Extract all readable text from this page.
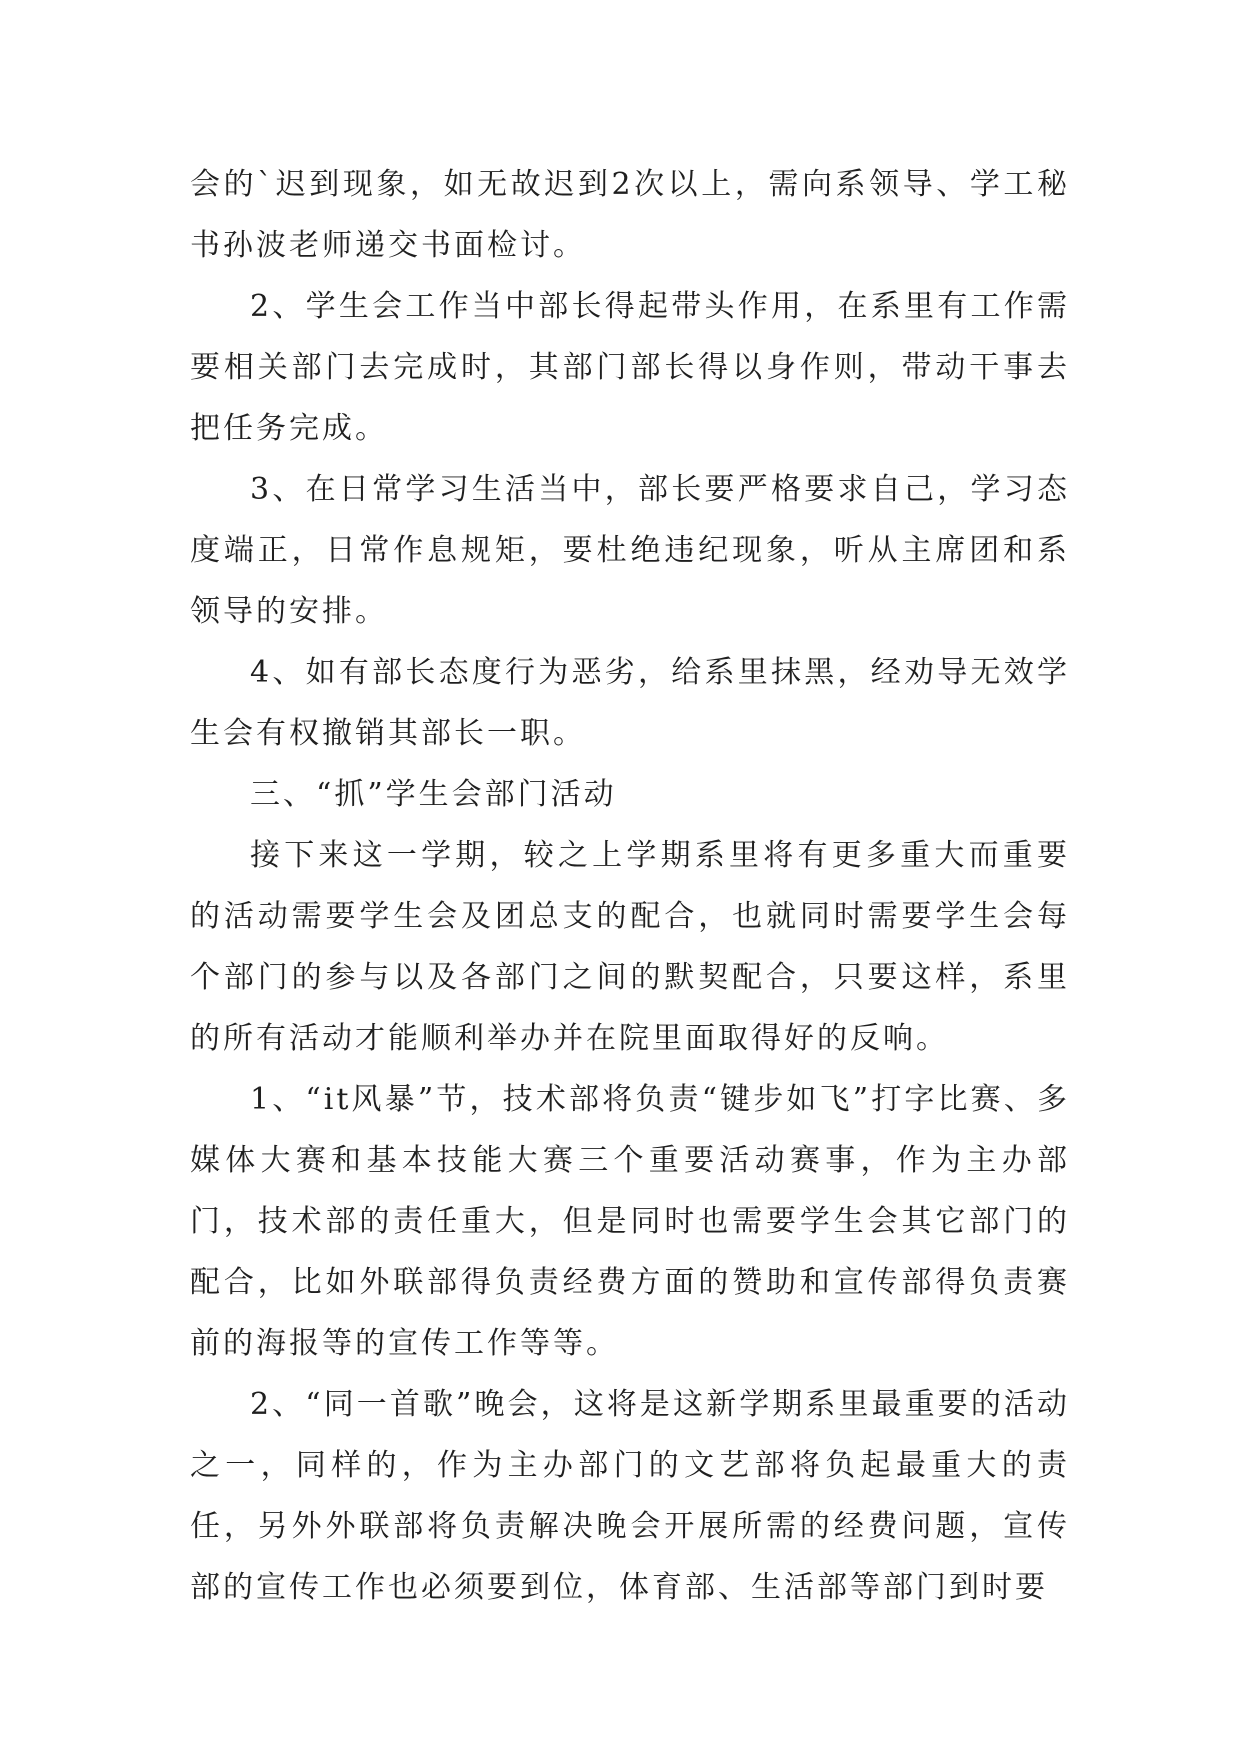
会的`迟到现象，如无故迟到2次以上，需向系领导、学工秘书孙波老师递交书面检讨。

2、学生会工作当中部长得起带头作用，在系里有工作需要相关部门去完成时，其部门部长得以身作则，带动干事去把任务完成。

3、在日常学习生活当中，部长要严格要求自己，学习态度端正，日常作息规矩，要杜绝违纪现象，听从主席团和系领导的安排。

4、如有部长态度行为恶劣，给系里抹黑，经劝导无效学生会有权撤销其部长一职。

三、“抓”学生会部门活动

接下来这一学期，较之上学期系里将有更多重大而重要的活动需要学生会及团总支的配合，也就同时需要学生会每个部门的参与以及各部门之间的默契配合，只要这样，系里的所有活动才能顺利举办并在院里面取得好的反响。

1、“it风暴”节，技术部将负责“键步如飞”打字比赛、多媒体大赛和基本技能大赛三个重要活动赛事，作为主办部门，技术部的责任重大，但是同时也需要学生会其它部门的配合，比如外联部得负责经费方面的赞助和宣传部得负责赛前的海报等的宣传工作等等。

2、“同一首歌”晚会，这将是这新学期系里最重要的活动之一，同样的，作为主办部门的文艺部将负起最重大的责任，另外外联部将负责解决晚会开展所需的经费问题，宣传部的宣传工作也必须要到位，体育部、生活部等部门到时要
